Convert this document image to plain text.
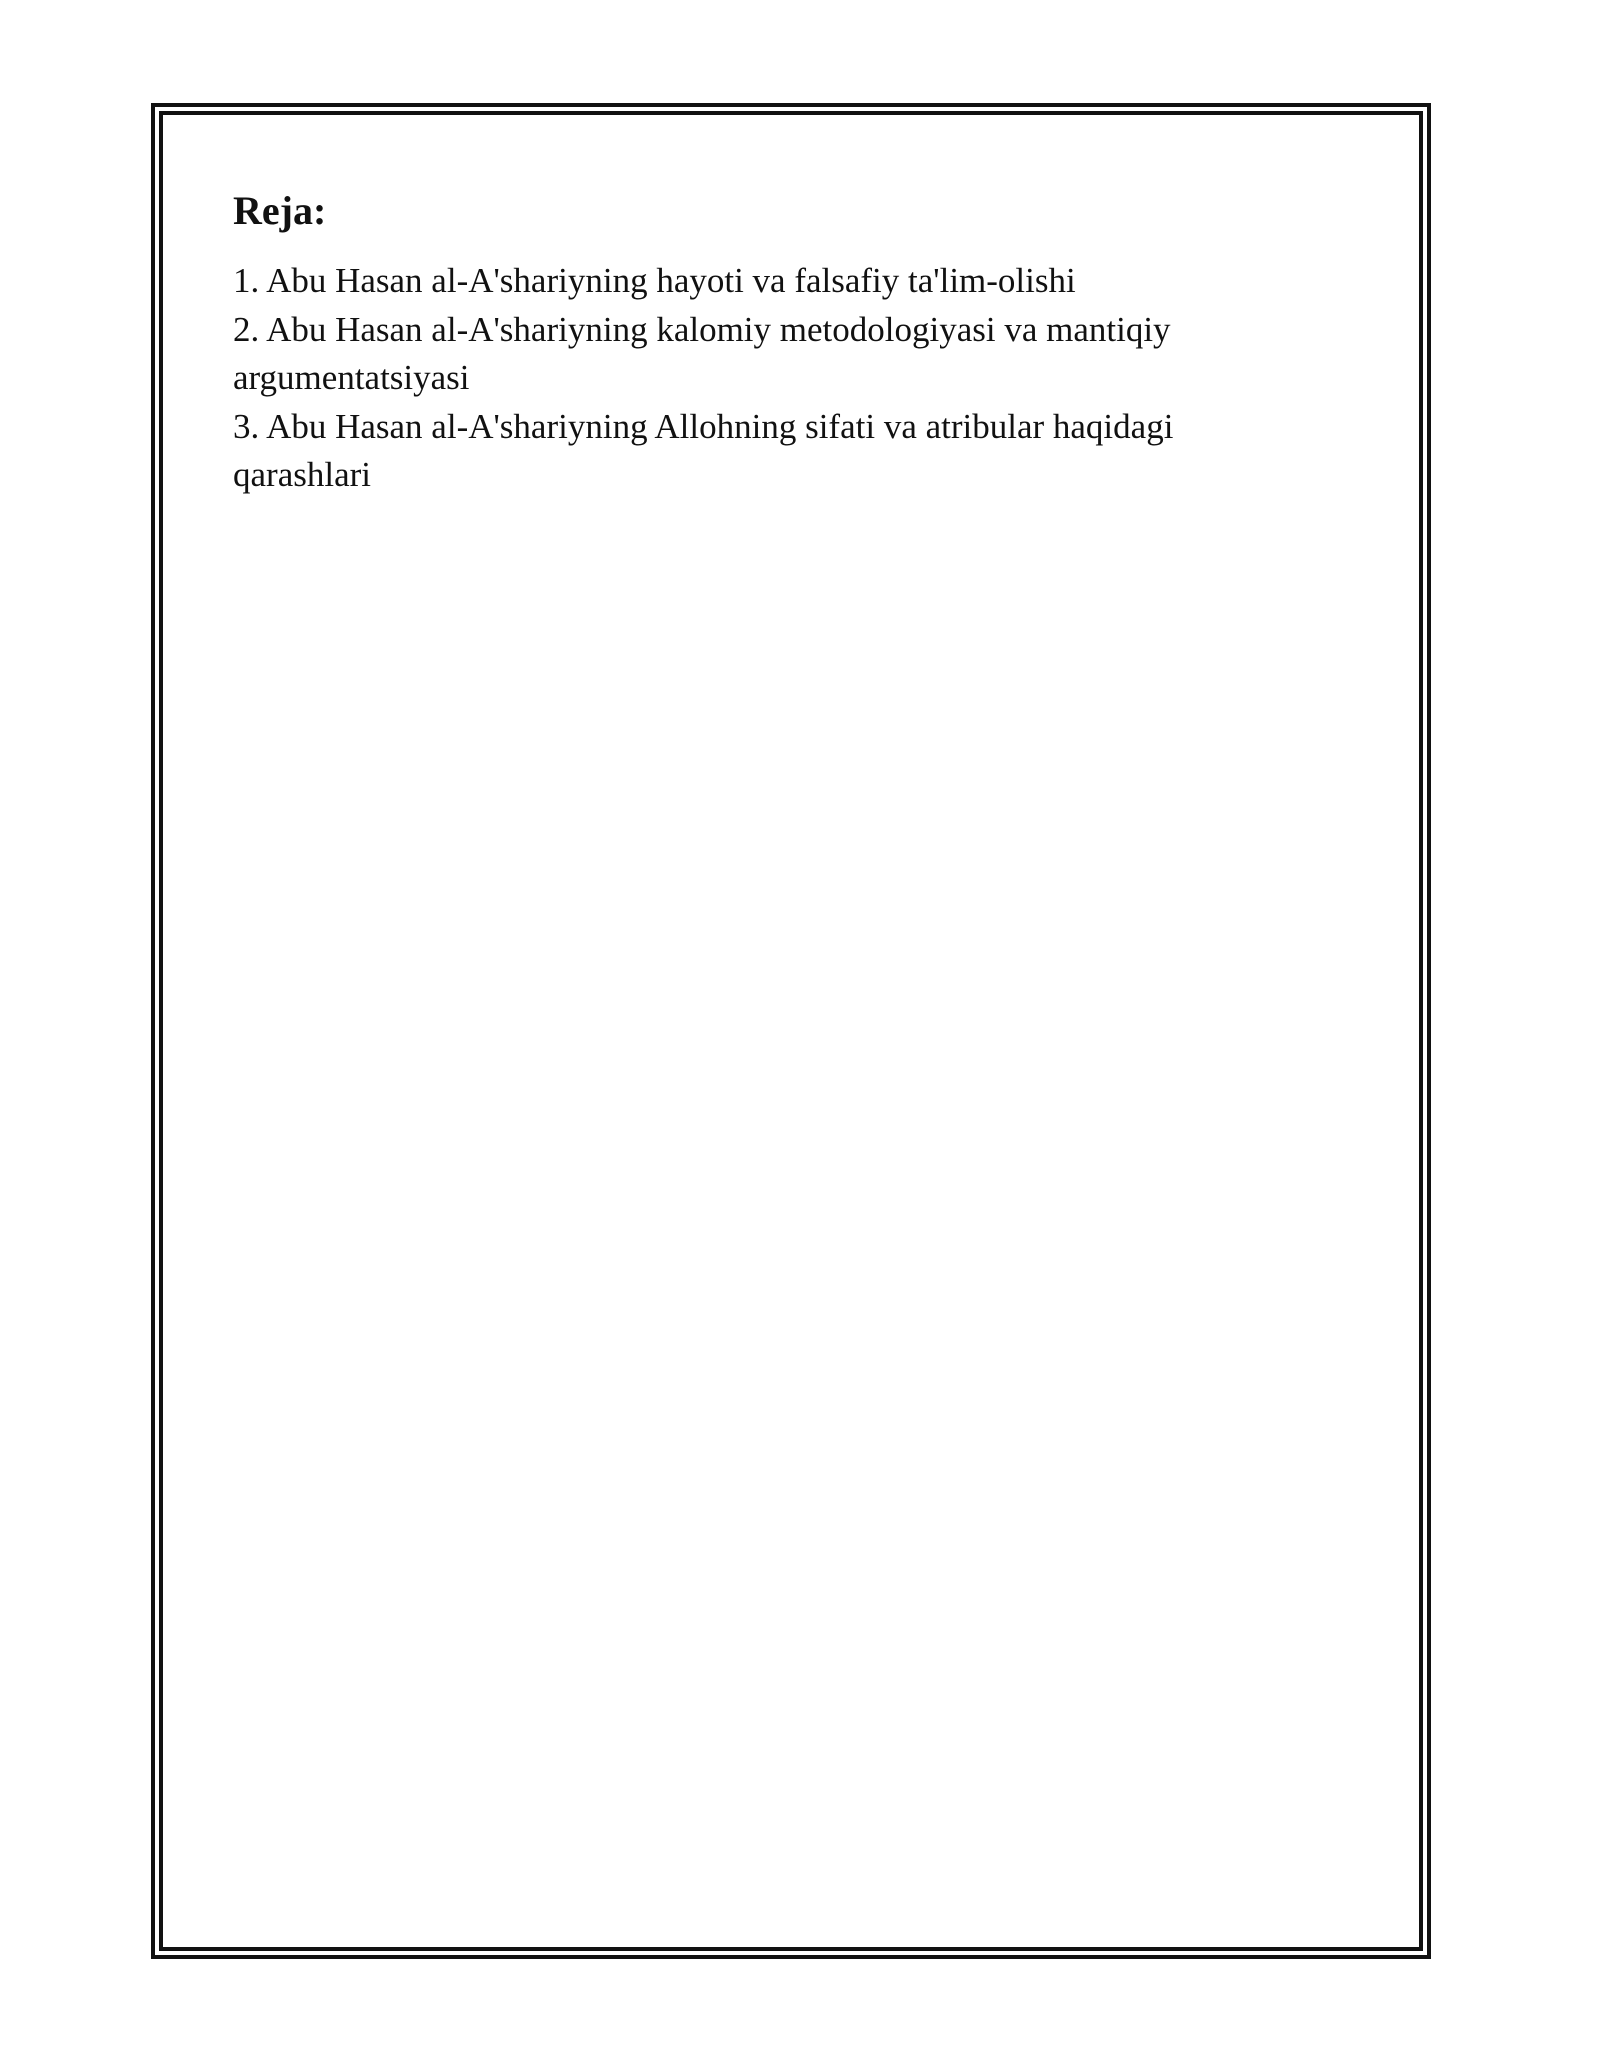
Reja:
1. Abu Hasan al-A'shariyning hayoti va falsafiy ta'lim-olishi
2. Abu Hasan al-A'shariyning kalomiy metodologiyasi va mantiqiy argumentatsiyasi
3. Abu Hasan al-A'shariyning Allohning sifati va atribular haqidagi qarashlari
